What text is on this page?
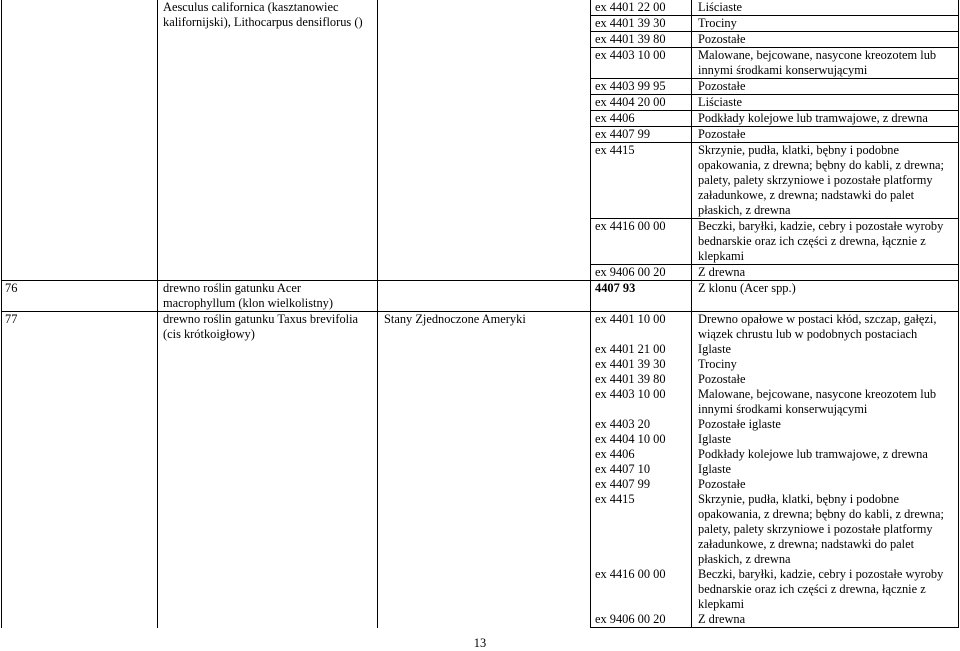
	Aesculus californica (kasztanowiec kalifornijski), Lithocarpus densiflorus ()		ex 4401 22 00	Liściaste
			ex 4401 39 30	Trociny
			ex 4401 39 80	Pozostałe
			ex 4403 10 00	Malowane, bejcowane, nasycone kreozotem lub innymi środkami konserwującymi
			ex 4403 99 95	Pozostałe
			ex 4404 20 00	Liściaste
			ex 4406	Podkłady kolejowe lub tramwajowe, z drewna
			ex 4407 99	Pozostałe
			ex 4415	Skrzynie, pudła, klatki, bębny i podobne opakowania, z drewna; bębny do kabli, z drewna; palety, palety skrzyniowe i pozostałe platformy załadunkowe, z drewna; nadstawki do palet płaskich, z drewna
			ex 4416 00 00	Beczki, baryłki, kadzie, cebry i pozostałe wyroby bednarskie oraz ich części z drewna, łącznie z klepkami
			ex 9406 00 20	Z drewna
76	drewno roślin gatunku Acer macrophyllum (klon wielkolistny)		4407 93	Z klonu (Acer spp.)
77	drewno roślin gatunku Taxus brevifolia (cis krótkoigłowy)	Stany Zjednoczone Ameryki	ex 4401 10 00	Drewno opałowe w postaci kłód, szczap, gałęzi, wiązek chrustu lub w podobnych postaciach
			ex 4401 21 00	Iglaste
			ex 4401 39 30	Trociny
			ex 4401 39 80	Pozostałe
			ex 4403 10 00	Malowane, bejcowane, nasycone kreozotem lub innymi środkami konserwującymi
			ex 4403 20	Pozostałe iglaste
			ex 4404 10 00	Iglaste
			ex 4406	Podkłady kolejowe lub tramwajowe, z drewna
			ex 4407 10	Iglaste
			ex 4407 99	Pozostałe
			ex 4415	Skrzynie, pudła, klatki, bębny i podobne opakowania, z drewna; bębny do kabli, z drewna; palety, palety skrzyniowe i pozostałe platformy załadunkowe, z drewna; nadstawki do palet płaskich, z drewna
			ex 4416 00 00	Beczki, baryłki, kadzie, cebry i pozostałe wyroby bednarskie oraz ich części z drewna, łącznie z klepkami
			ex 9406 00 20	Z drewna
13
